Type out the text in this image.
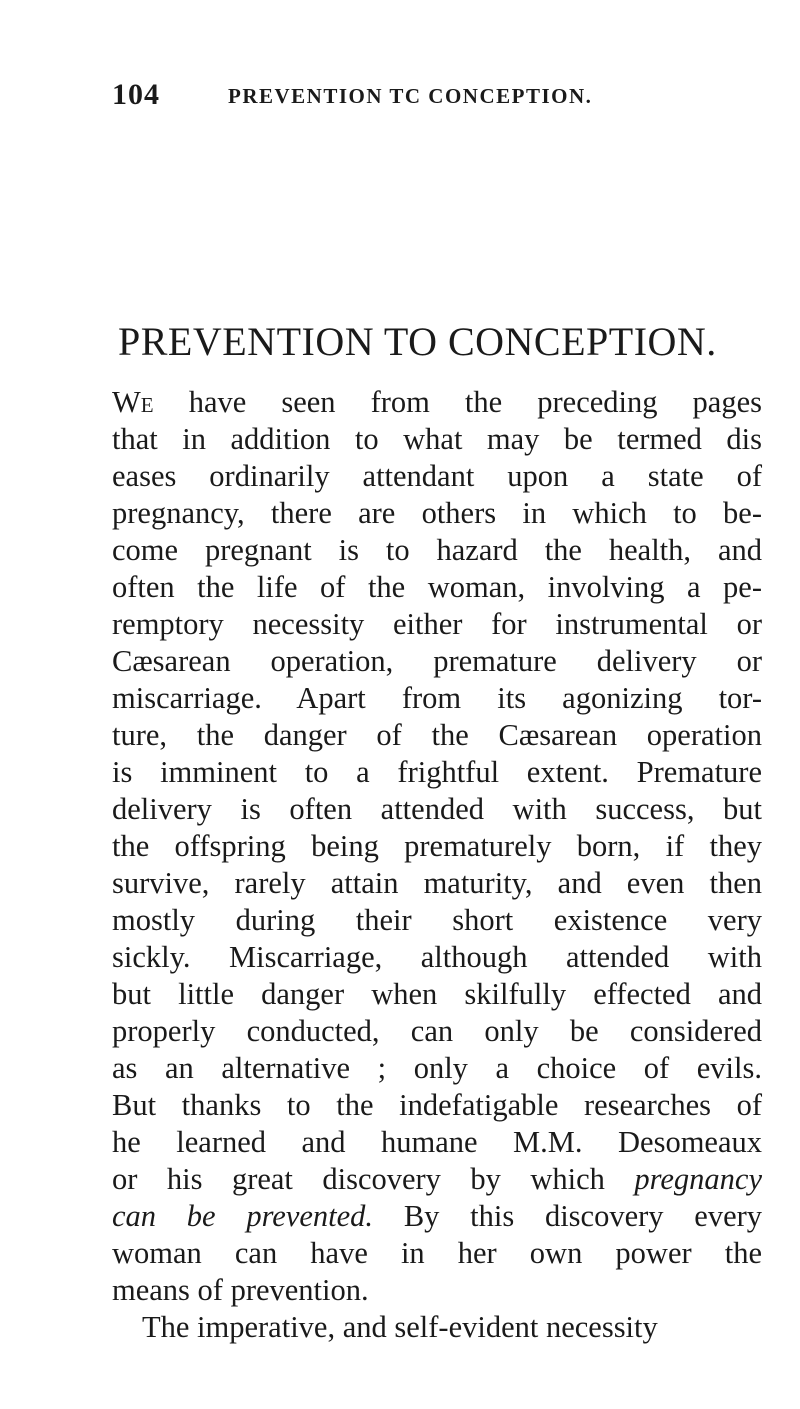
104	PREVENTION TC CONCEPTION.
PREVENTION TO CONCEPTION.
We have seen from the preceding pages
that in addition to what may be termed dis
eases ordinarily attendant upon a state of
pregnancy, there are others in which to be-
come pregnant is to hazard the health, and
often the life of the woman, involving a pe-
remptory necessity either for instrumental or
Cæsarean operation, premature delivery or
miscarriage. Apart from its agonizing tor-
ture, the danger of the Cæsarean operation
is imminent to a frightful extent. Premature
delivery is often attended with success, but
the offspring being prematurely born, if they
survive, rarely attain maturity, and even then
mostly during their short existence very
sickly. Miscarriage, although attended with
but little danger when skilfully effected and
properly conducted, can only be considered
as an alternative ; only a choice of evils.
But thanks to the indefatigable researches of
he learned and humane M.M. Desomeaux
or his great discovery by which pregnancy
can be prevented. By this discovery every
woman can have in her own power the
means of prevention.
The imperative, and self-evident necessity
